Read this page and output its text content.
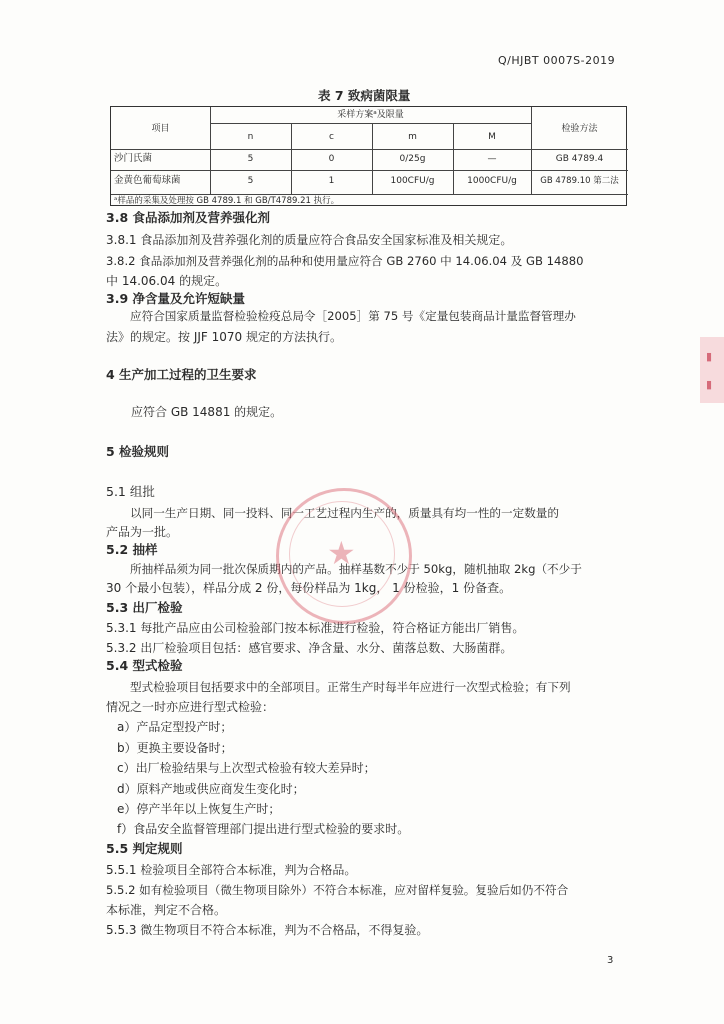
Q/HJBT 0007S-2019
表 7 致病菌限量
项目
采样方案ᵃ及限量
检验方法
n	c	m	M
沙门氏菌	5	0	0/25g	—	GB 4789.4
金黄色葡萄球菌	5	1	100CFU/g	1000CFU/g	GB 4789.10 第二法
ᵃ样品的采集及处理按 GB 4789.1 和 GB/T4789.21 执行。
3.8 食品添加剂及营养强化剂
3.8.1 食品添加剂及营养强化剂的质量应符合食品安全国家标准及相关规定。
3.8.2 食品添加剂及营养强化剂的品种和使用量应符合 GB 2760 中 14.06.04 及 GB 14880
中 14.06.04 的规定。
3.9 净含量及允许短缺量
应符合国家质量监督检验检疫总局令［2005］第 75 号《定量包装商品计量监督管理办
法》的规定。按 JJF 1070 规定的方法执行。
4 生产加工过程的卫生要求
应符合 GB 14881 的规定。
5 检验规则
5.1 组批
以同一生产日期、同一投料、同一工艺过程内生产的，质量具有均一性的一定数量的
产品为一批。
5.2 抽样
所抽样品须为同一批次保质期内的产品。抽样基数不少于 50kg，随机抽取 2kg（不少于
30 个最小包装），样品分成 2 份，每份样品为 1kg， 1 份检验，1 份备查。
5.3 出厂检验
5.3.1 每批产品应由公司检验部门按本标准进行检验，符合格证方能出厂销售。
5.3.2 出厂检验项目包括：感官要求、净含量、水分、菌落总数、大肠菌群。
5.4 型式检验
型式检验项目包括要求中的全部项目。正常生产时每半年应进行一次型式检验；有下列
情况之一时亦应进行型式检验：
a）产品定型投产时；
b）更换主要设备时；
c）出厂检验结果与上次型式检验有较大差异时；
d）原料产地或供应商发生变化时；
e）停产半年以上恢复生产时；
f）食品安全监督管理部门提出进行型式检验的要求时。
5.5 判定规则
5.5.1 检验项目全部符合本标准，判为合格品。
5.5.2 如有检验项目（微生物项目除外）不符合本标准，应对留样复验。复验后如仍不符合
本标准，判定不合格。
5.5.3 微生物项目不符合本标准，判为不合格品，不得复验。
★
▮
▮
3
